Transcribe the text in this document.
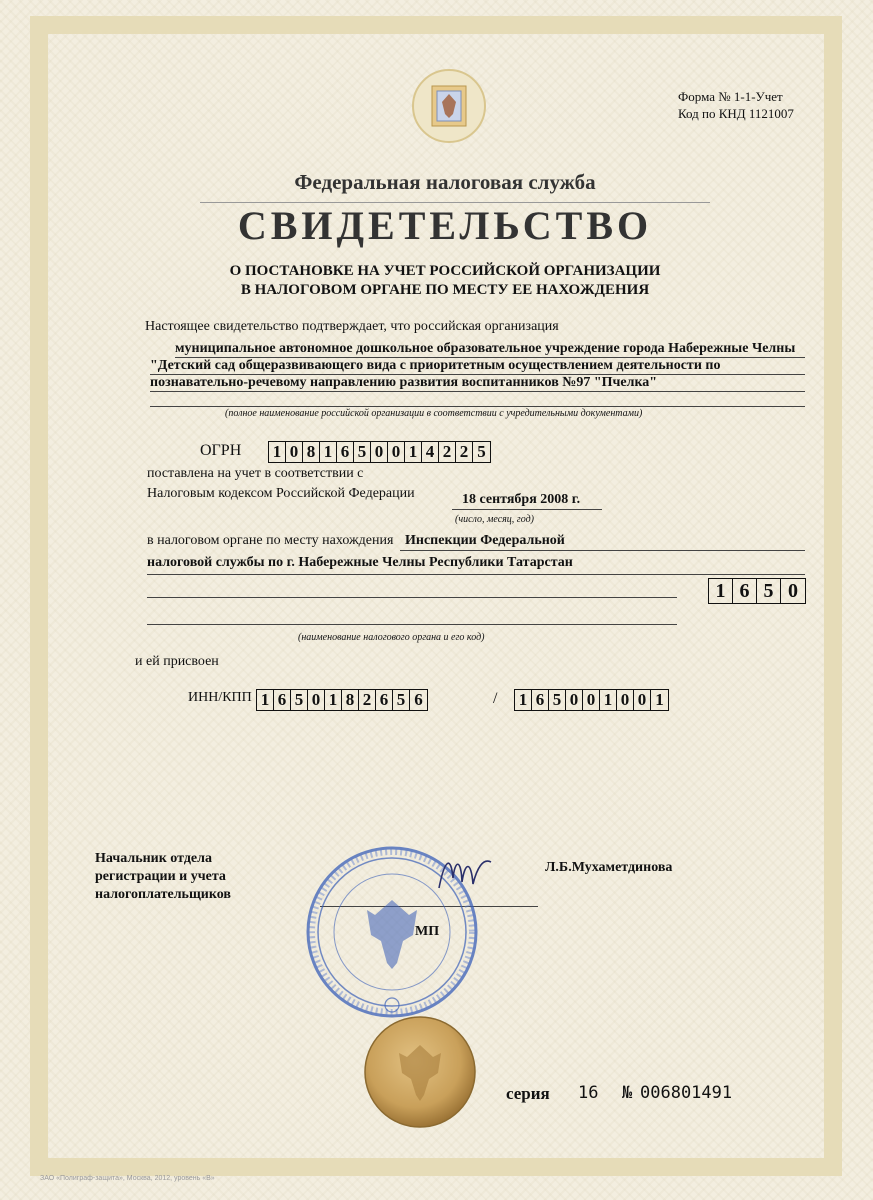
Форма № 1-1-Учет
Код по КНД 1121007
Федеральная налоговая служба
СВИДЕТЕЛЬСТВО
О ПОСТАНОВКЕ НА УЧЕТ РОССИЙСКОЙ ОРГАНИЗАЦИИ
В НАЛОГОВОМ ОРГАНЕ ПО МЕСТУ ЕЕ НАХОЖДЕНИЯ
Настоящее свидетельство подтверждает, что российская организация
муниципальное автономное дошкольное образовательное учреждение города Набережные Челны
"Детский сад общеразвивающего вида с приоритетным осуществлением деятельности по
познавательно-речевому направлению развития воспитанников №97 "Пчелка"
(полное наименование российской организации в соответствии с учредительными документами)
ОГРН 1 0 8 1 6 5 0 0 1 4 2 2 5
поставлена на учет в соответствии с
Налоговым кодексом Российской Федерации	18 сентября 2008 г.
(число, месяц, год)
в налоговом органе по месту нахождения Инспекции Федеральной
налоговой службы по г. Набережные Челны Республики Татарстан
1 6 5 0
(наименование налогового органа и его код)
и ей присвоен
ИНН/КПП 1 6 5 0 1 8 2 6 5 6	/ 1 6 5 0 0 1 0 0 1
Начальник отдела
регистрации и учета
налогоплательщиков
Л.Б.Мухаметдинова
МП
серия 16 № 006801491
ЗАО «Полиграф-защита», Москва, 2012, уровень «В»
